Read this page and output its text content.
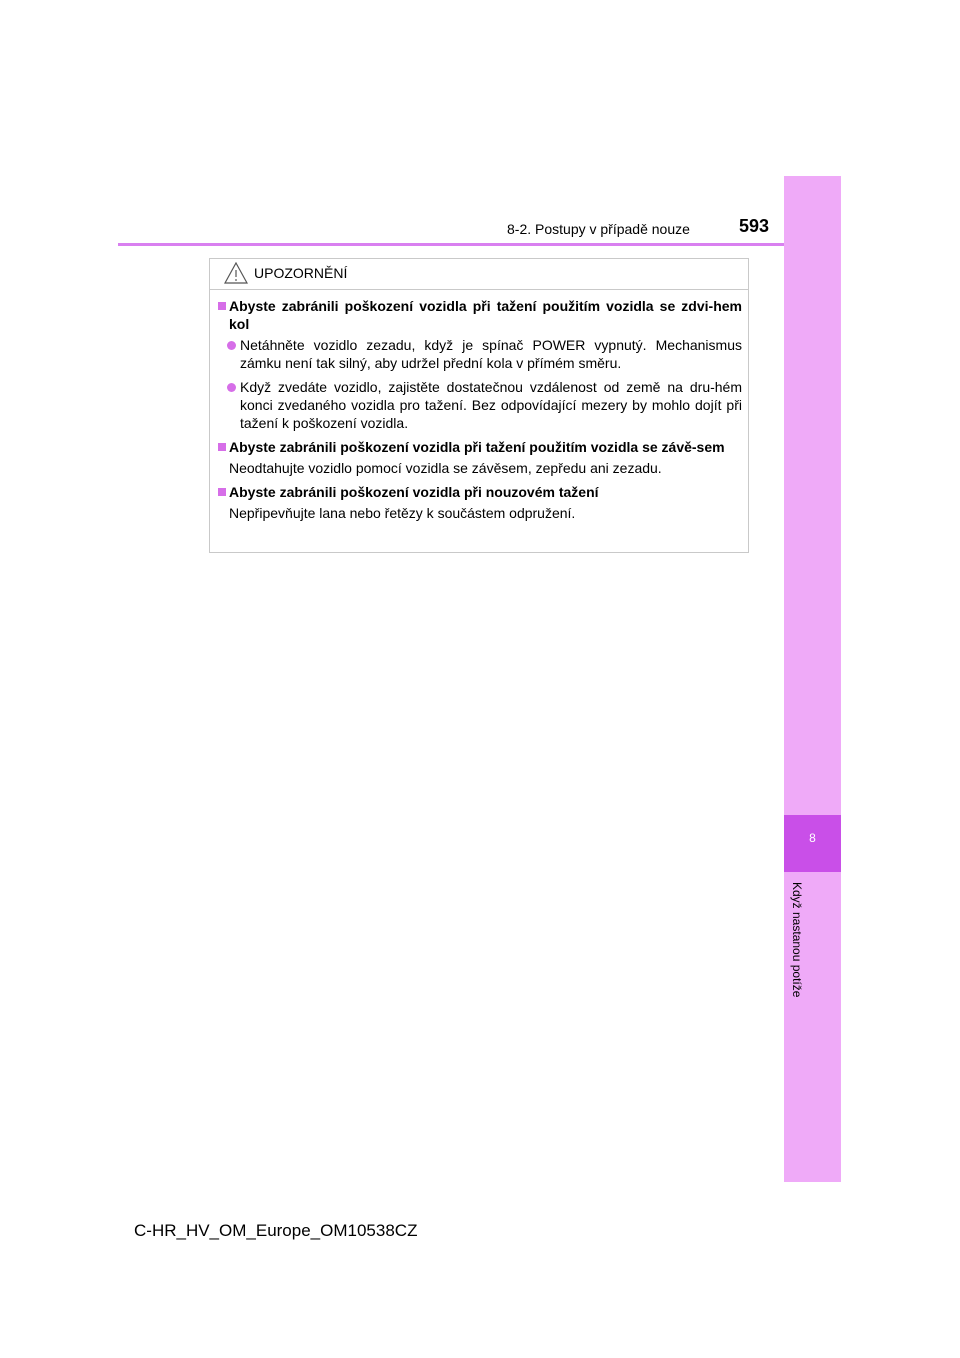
8-2. Postupy v případě nouze	593
8
Když nastanou potíže
UPOZORNĚNÍ
Abyste zabránili poškození vozidla při tažení použitím vozidla se zdvi-hem kol
Netáhněte vozidlo zezadu, když je spínač POWER vypnutý. Mechanismus zámku není tak silný, aby udržel přední kola v přímém směru.
Když zvedáte vozidlo, zajistěte dostatečnou vzdálenost od země na dru-hém konci zvedaného vozidla pro tažení. Bez odpovídající mezery by mohlo dojít při tažení k poškození vozidla.
Abyste zabránili poškození vozidla při tažení použitím vozidla se závě-sem
Neodtahujte vozidlo pomocí vozidla se závěsem, zepředu ani zezadu.
Abyste zabránili poškození vozidla při nouzovém tažení
Nepřipevňujte lana nebo řetězy k součástem odpružení.
C-HR_HV_OM_Europe_OM10538CZ
